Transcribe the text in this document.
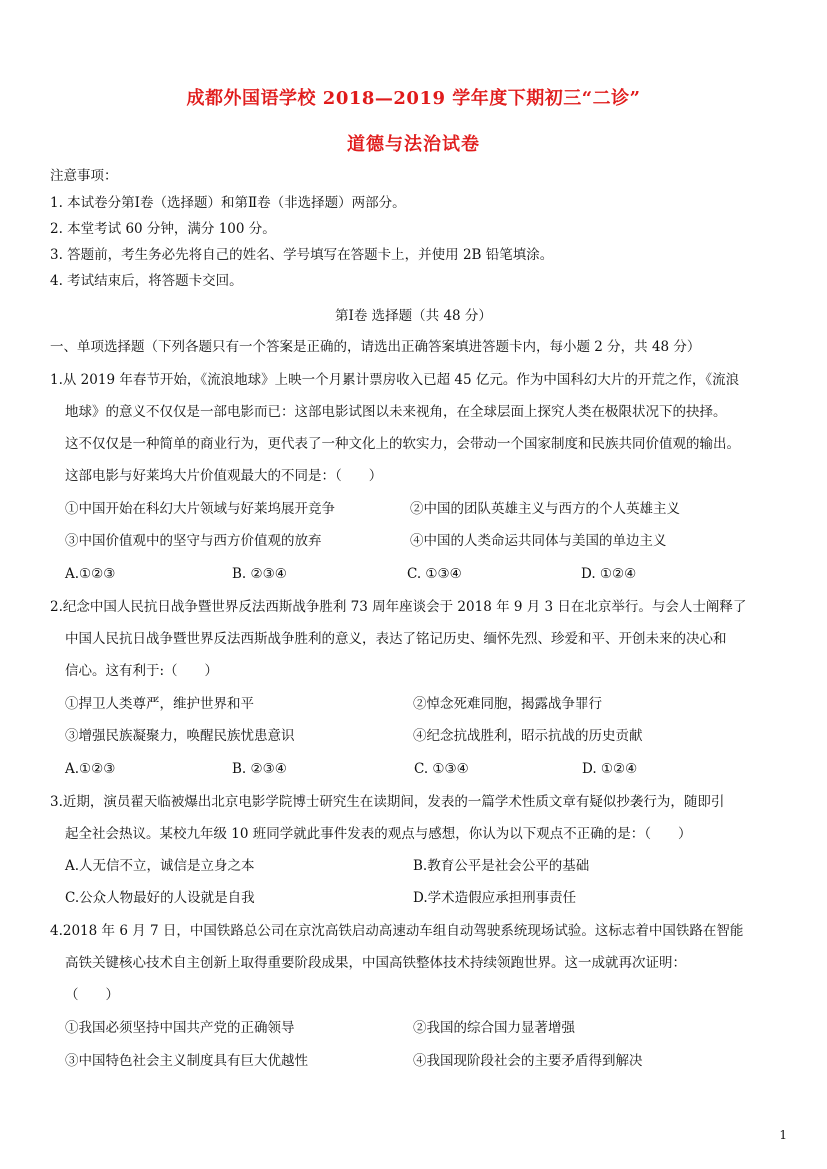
成都外国语学校 2018—2019 学年度下期初三“二诊”
道德与法治试卷
注意事项：
1. 本试卷分第Ⅰ卷（选择题）和第Ⅱ卷（非选择题）两部分。
2. 本堂考试 60 分钟，满分 100 分。
3. 答题前，考生务必先将自己的姓名、学号填写在答题卡上，并使用 2B 铅笔填涂。
4. 考试结束后，将答题卡交回。
第Ⅰ卷 选择题（共 48 分）
一、单项选择题（下列各题只有一个答案是正确的，请选出正确答案填进答题卡内，每小题 2 分，共 48 分）
1.从 2019 年春节开始，《流浪地球》上映一个月累计票房收入已超 45 亿元。作为中国科幻大片的开荒之作，《流浪
地球》的意义不仅仅是一部电影而已：这部电影试图以未来视角，在全球层面上探究人类在极限状况下的抉择。
这不仅仅是一种简单的商业行为，更代表了一种文化上的软实力，会带动一个国家制度和民族共同价值观的输出。
这部电影与好莱坞大片价值观最大的不同是：（　　）
①中国开始在科幻大片领域与好莱坞展开竞争	②中国的团队英雄主义与西方的个人英雄主义
③中国价值观中的坚守与西方价值观的放弃	④中国的人类命运共同体与美国的单边主义
A.①②③	B. ②③④	C. ①③④	D. ①②④
2.纪念中国人民抗日战争暨世界反法西斯战争胜利 73 周年座谈会于 2018 年 9 月 3 日在北京举行。与会人士阐释了
中国人民抗日战争暨世界反法西斯战争胜利的意义，表达了铭记历史、缅怀先烈、珍爱和平、开创未来的决心和
信心。这有利于:（　　）
①捍卫人类尊严，维护世界和平	②悼念死难同胞，揭露战争罪行
③增强民族凝聚力，唤醒民族忧患意识	④纪念抗战胜利，昭示抗战的历史贡献
A.①②③	B. ②③④	C. ①③④	D. ①②④
3.近期，演员翟天临被爆出北京电影学院博士研究生在读期间，发表的一篇学术性质文章有疑似抄袭行为，随即引
起全社会热议。某校九年级 10 班同学就此事件发表的观点与感想，你认为以下观点不正确的是：（　　）
A.人无信不立，诚信是立身之本	B.教育公平是社会公平的基础
C.公众人物最好的人设就是自我	D.学术造假应承担刑事责任
4.2018 年 6 月 7 日，中国铁路总公司在京沈高铁启动高速动车组自动驾驶系统现场试验。这标志着中国铁路在智能
高铁关键核心技术自主创新上取得重要阶段成果，中国高铁整体技术持续领跑世界。这一成就再次证明：
（　　）
①我国必须坚持中国共产党的正确领导	②我国的综合国力显著增强
③中国特色社会主义制度具有巨大优越性	④我国现阶段社会的主要矛盾得到解决
1
